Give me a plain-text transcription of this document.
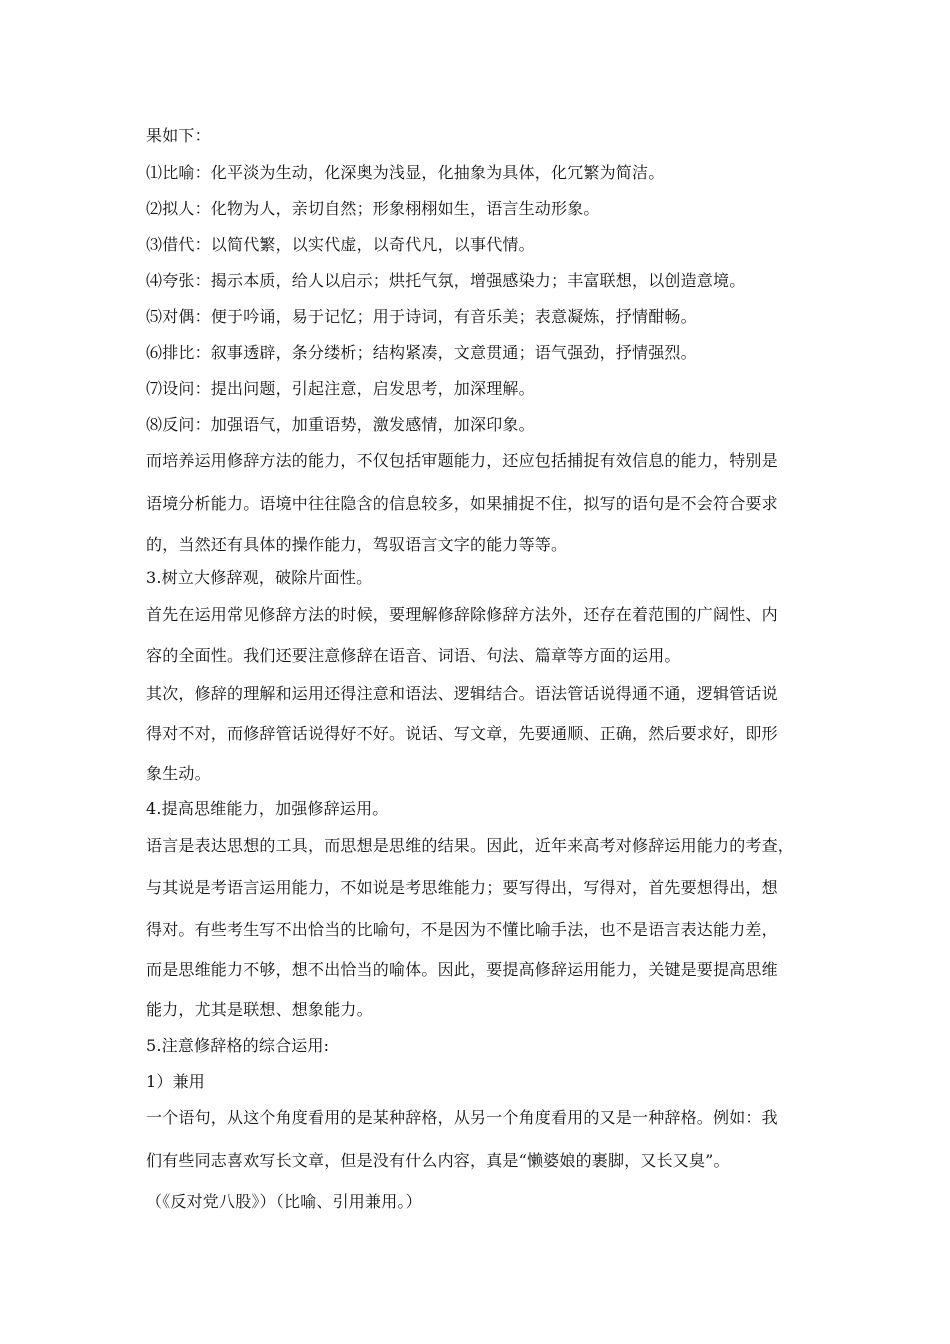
果如下：
⑴比喻：化平淡为生动，化深奥为浅显，化抽象为具体，化冗繁为简洁。
⑵拟人：化物为人，亲切自然；形象栩栩如生，语言生动形象。
⑶借代：以简代繁，以实代虚，以奇代凡，以事代情。
⑷夸张：揭示本质，给人以启示；烘托气氛，增强感染力；丰富联想，以创造意境。
⑸对偶：便于吟诵，易于记忆；用于诗词，有音乐美；表意凝炼，抒情酣畅。
⑹排比：叙事透辟，条分缕析；结构紧凑，文意贯通；语气强劲，抒情强烈。
⑺设问：提出问题，引起注意，启发思考，加深理解。
⑻反问：加强语气，加重语势，激发感情，加深印象。
而培养运用修辞方法的能力，不仅包括审题能力，还应包括捕捉有效信息的能力，特别是
语境分析能力。语境中往往隐含的信息较多，如果捕捉不住，拟写的语句是不会符合要求
的，当然还有具体的操作能力，驾驭语言文字的能力等等。
3.树立大修辞观，破除片面性。
首先在运用常见修辞方法的时候，要理解修辞除修辞方法外，还存在着范围的广阔性、内
容的全面性。我们还要注意修辞在语音、词语、句法、篇章等方面的运用。
其次，修辞的理解和运用还得注意和语法、逻辑结合。语法管话说得通不通，逻辑管话说
得对不对，而修辞管话说得好不好。说话、写文章，先要通顺、正确，然后要求好，即形
象生动。
4.提高思维能力，加强修辞运用。
语言是表达思想的工具，而思想是思维的结果。因此，近年来高考对修辞运用能力的考查，
与其说是考语言运用能力，不如说是考思维能力；要写得出，写得对，首先要想得出，想
得对。有些考生写不出恰当的比喻句，不是因为不懂比喻手法，也不是语言表达能力差，
而是思维能力不够，想不出恰当的喻体。因此，要提高修辞运用能力，关键是要提高思维
能力，尤其是联想、想象能力。
5.注意修辞格的综合运用:
1）兼用
一个语句，从这个角度看用的是某种辞格，从另一个角度看用的又是一种辞格。例如：我
们有些同志喜欢写长文章，但是没有什么内容，真是“懒婆娘的裹脚，又长又臭”。
（《反对党八股》）（比喻、引用兼用。）
